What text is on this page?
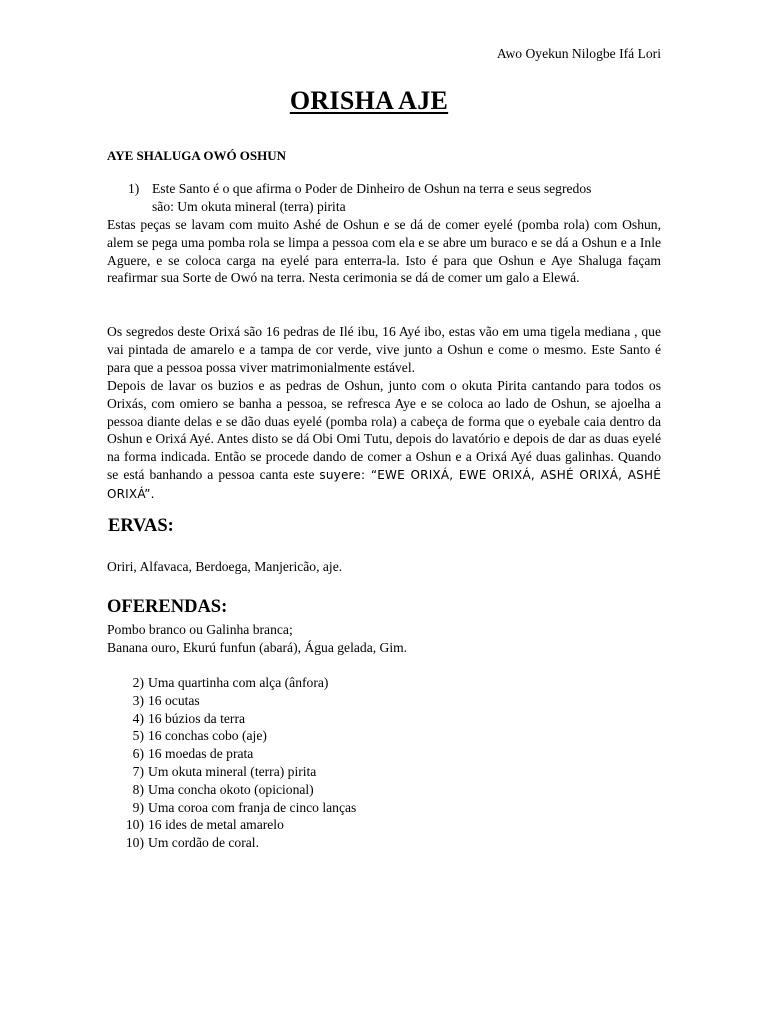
Awo Oyekun Nilogbe Ifá Lori
ORISHA AJE
AYE SHALUGA OWÓ OSHUN
1) Este Santo é o que afirma o Poder de Dinheiro de Oshun na terra e seus segredos
são: Um okuta mineral (terra) pirita

Estas peças se lavam com muito Ashé de Oshun e se dá de comer eyelé (pomba rola) com Oshun, alem se pega uma pomba rola se limpa a pessoa com ela e se abre um buraco e se dá a Oshun e a Inle Aguere, e se coloca carga na eyelé para enterra-la. Isto é para que Oshun e Aye Shaluga façam reafirmar sua Sorte de Owó na terra. Nesta cerimonia se dá de comer um galo a Elewá.

Os segredos deste Orixá são 16 pedras de Ilé ibu, 16 Ayé ibo, estas vão em uma tigela mediana , que vai pintada de amarelo e a tampa de cor verde, vive junto a Oshun e come o mesmo. Este Santo é para que a pessoa possa viver matrimonialmente estável.

Depois de lavar os buzios e as pedras de Oshun, junto com o okuta Pirita cantando para todos os Orixás, com omiero se banha a pessoa, se refresca Aye e se coloca ao lado de Oshun, se ajoelha a pessoa diante delas e se dão duas eyelé (pomba rola) a cabeça de forma que o eyebale caia dentro da Oshun e Orixá Ayé. Antes disto se dá Obi Omi Tutu, depois do lavatório e depois de dar as duas eyelé na forma indicada. Então se procede dando de comer a Oshun e a Orixá Ayé duas galinhas. Quando se está banhando a pessoa canta este suyere: “EWE ORIXÁ, EWE ORIXÁ, ASHÉ ORIXÁ, ASHÉ ORIXÁ”.

ERVAS:
Oriri, Alfavaca, Berdoega, Manjericão, aje.
OFERENDAS:
Pombo branco ou Galinha branca;
Banana ouro, Ekurú funfun (abará), Água gelada, Gim.
2) Uma quartinha com alça (ânfora)
3) 16 ocutas
4) 16 búzios da terra
5) 16 conchas cobo (aje)
6) 16 moedas de prata
7) Um okuta mineral (terra) pirita
8) Uma concha okoto (opicional)
9) Uma coroa com franja de cinco lanças
10) 16 ides de metal amarelo
10) Um cordão de coral.
